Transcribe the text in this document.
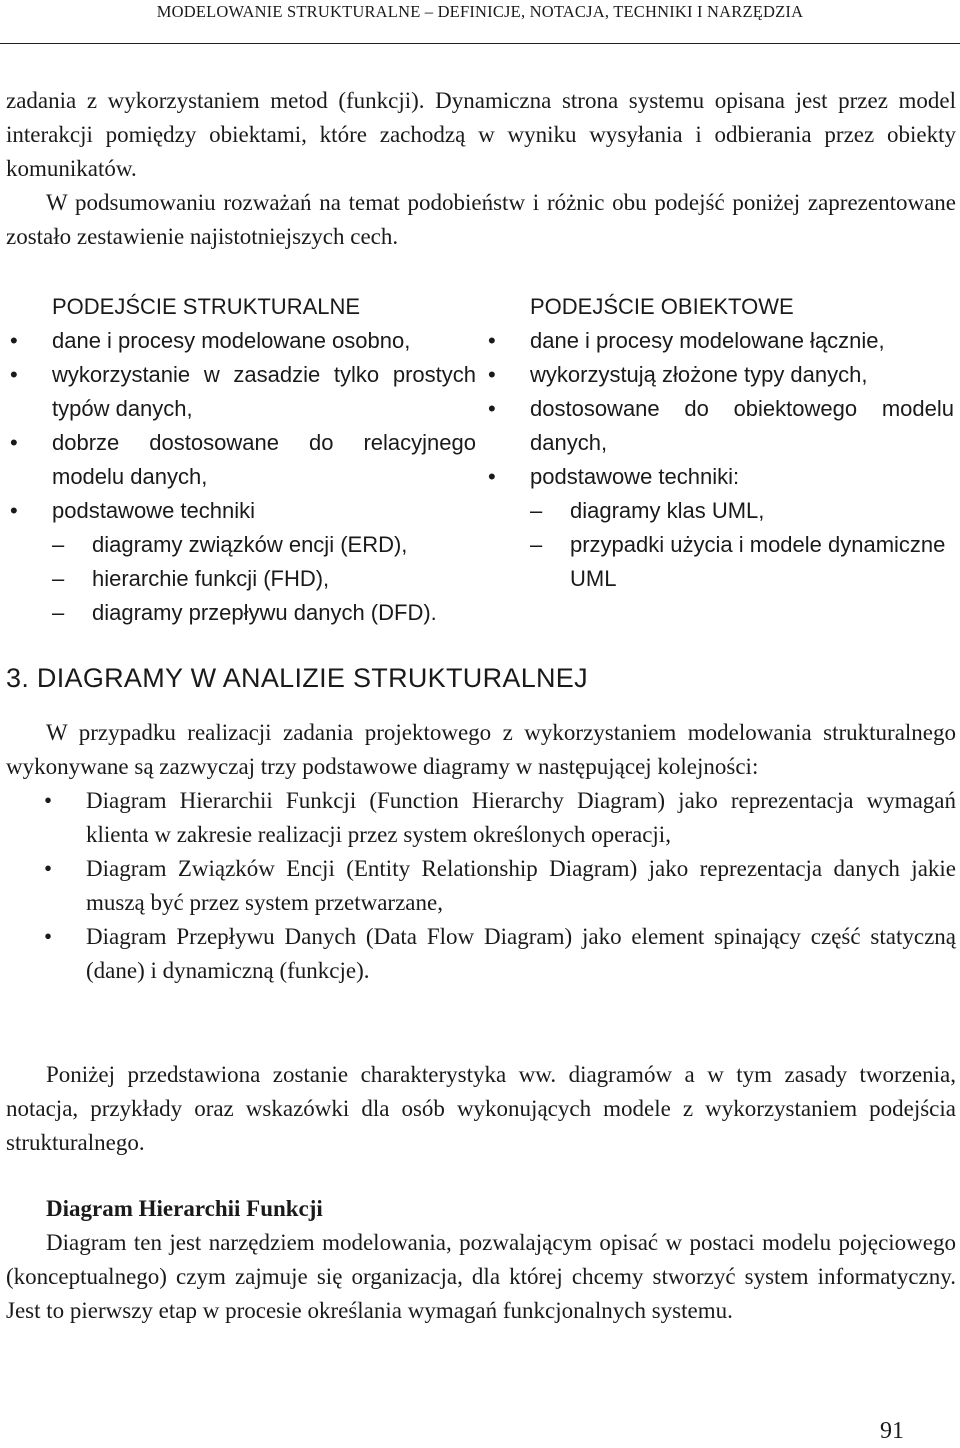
MODELOWANIE STRUKTURALNE – DEFINICJE, NOTACJA, TECHNIKI I NARZĘDZIA

zadania z wykorzystaniem metod (funkcji). Dynamiczna strona systemu opisana jest przez model interakcji pomiędzy obiektami, które zachodzą w wyniku wysyłania i odbierania przez obiekty komunikatów.

W podsumowaniu rozważań na temat podobieństw i różnic obu podejść poniżej zaprezentowane zostało zestawienie najistotniejszych cech.

PODEJŚCIE STRUKTURALNE
• dane i procesy modelowane osobno,
• wykorzystanie w zasadzie tylko prostych typów danych,
• dobrze dostosowane do relacyjnego modelu danych,
• podstawowe techniki
– diagramy związków encji (ERD),
– hierarchie funkcji (FHD),
– diagramy przepływu danych (DFD).
PODEJŚCIE OBIEKTOWE
• dane i procesy modelowane łącznie,
• wykorzystują złożone typy danych,
• dostosowane do obiektowego modelu danych,
• podstawowe techniki:
– diagramy klas UML,
– przypadki użycia i modele dynamiczne UML
3. DIAGRAMY W ANALIZIE STRUKTURALNEJ

W przypadku realizacji zadania projektowego z wykorzystaniem modelowania strukturalnego wykonywane są zazwyczaj trzy podstawowe diagramy w następującej kolejności:

• Diagram Hierarchii Funkcji (Function Hierarchy Diagram) jako reprezentacja wymagań klienta w zakresie realizacji przez system określonych operacji,
• Diagram Związków Encji (Entity Relationship Diagram) jako reprezentacja danych jakie muszą być przez system przetwarzane,
• Diagram Przepływu Danych (Data Flow Diagram) jako element spinający część statyczną (dane) i dynamiczną (funkcje).

Poniżej przedstawiona zostanie charakterystyka ww. diagramów a w tym zasady tworzenia, notacja, przykłady oraz wskazówki dla osób wykonujących modele z wykorzystaniem podejścia strukturalnego.

Diagram Hierarchii Funkcji

Diagram ten jest narzędziem modelowania, pozwalającym opisać w postaci modelu pojęciowego (konceptualnego) czym zajmuje się organizacja, dla której chcemy stworzyć system informatyczny. Jest to pierwszy etap w procesie określania wymagań funkcjonalnych systemu.

91
